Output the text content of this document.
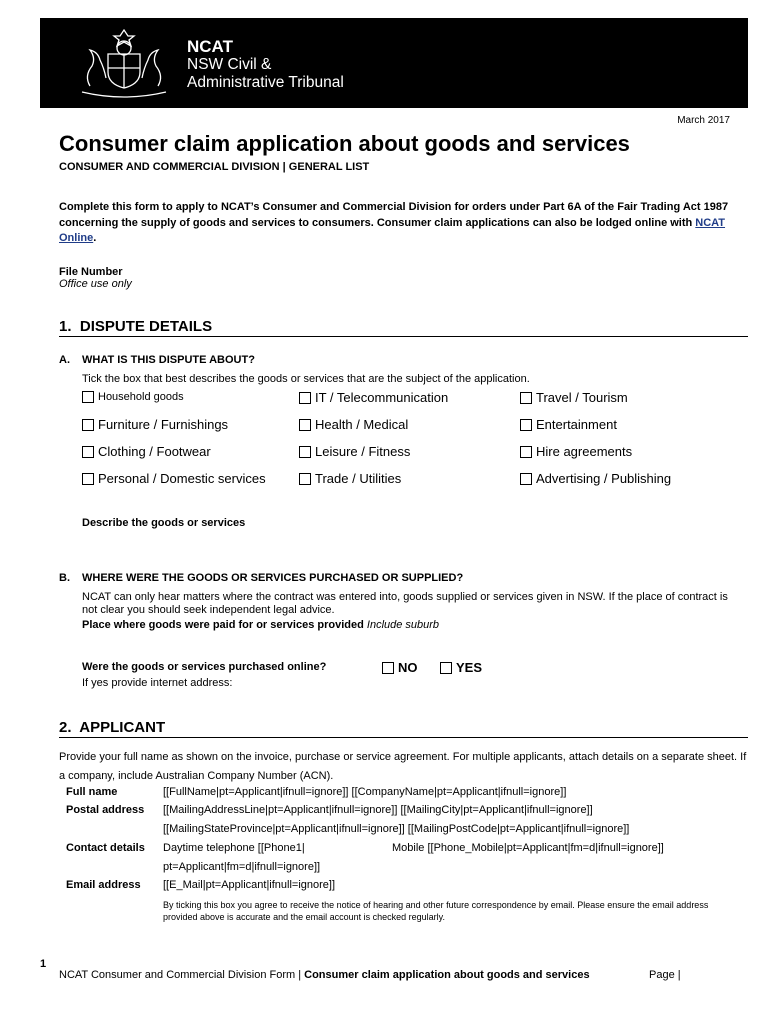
NCAT
NSW Civil &
Administrative Tribunal
March 2017
Consumer claim application about goods and services
CONSUMER AND COMMERCIAL DIVISION | GENERAL LIST
Complete this form to apply to NCAT’s Consumer and Commercial Division for orders under Part 6A of the Fair Trading Act 1987 concerning the supply of goods and services to consumers. Consumer claim applications can also be lodged online with NCAT Online.
File Number
Office use only
1. DISPUTE DETAILS
A. WHAT IS THIS DISPUTE ABOUT?
Tick the box that best describes the goods or services that are the subject of the application.
Household goods	IT / Telecommunication	Travel / Tourism
Furniture / Furnishings	Health / Medical	Entertainment
Clothing / Footwear	Leisure / Fitness	Hire agreements
Personal / Domestic services	Trade / Utilities	Advertising / Publishing
Describe the goods or services
B. WHERE WERE THE GOODS OR SERVICES PURCHASED OR SUPPLIED?
NCAT can only hear matters where the contract was entered into, goods supplied or services given in NSW. If the place of contract is not clear you should seek independent legal advice.
Place where goods were paid for or services provided Include suburb
Were the goods or services purchased online?	NO	YES
If yes provide internet address:
2. APPLICANT
Provide your full name as shown on the invoice, purchase or service agreement. For multiple applicants, attach details on a separate sheet. If a company, include Australian Company Number (ACN).
Full name	[[FullName|pt=Applicant|ifnull=ignore]] [[CompanyName|pt=Applicant|ifnull=ignore]]
Postal address [[MailingAddressLine|pt=Applicant|ifnull=ignore]] [[MailingCity|pt=Applicant|ifnull=ignore]]
[[MailingStateProvince|pt=Applicant|ifnull=ignore]] [[MailingPostCode|pt=Applicant|ifnull=ignore]]
Contact details Daytime telephone [[Phone1|	Mobile [[Phone_Mobile|pt=Applicant|fm=d|ifnull=ignore]]
pt=Applicant|fm=d|ifnull=ignore]]
Email address [[E_Mail|pt=Applicant|ifnull=ignore]]
By ticking this box you agree to receive the notice of hearing and other future correspondence by email. Please ensure the email address provided above is accurate and the email account is checked regularly.
1
NCAT Consumer and Commercial Division Form | Consumer claim application about goods and services	Page |
